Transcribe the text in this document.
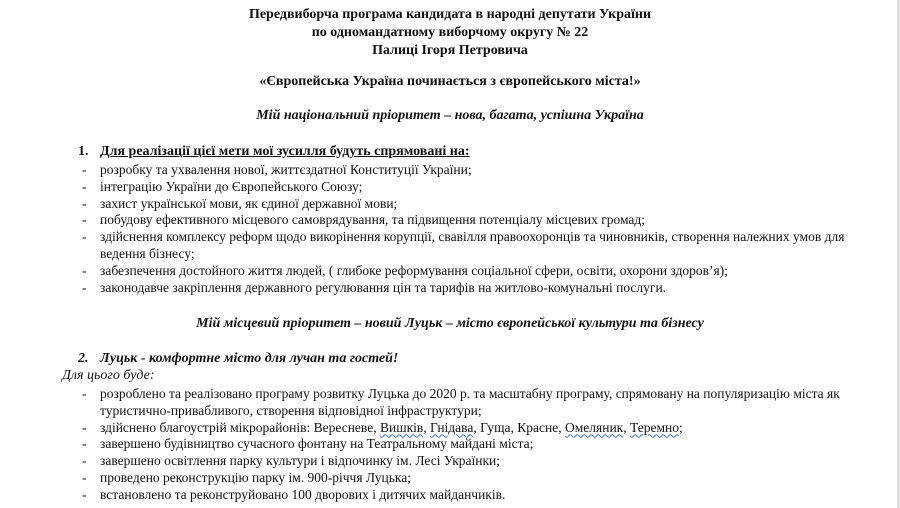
Передвиборча програма кандидата в народні депутати України
по одномандатному виборчому округу № 22
Палиці Ігоря Петровича
«Європейська Україна починається з європейського міста!»
Мій національний пріоритет – нова, багата, успішна Україна
1. Для реалізації цієї мети мої зусилля будуть спрямовані на:
- розробку та ухвалення нової, життєздатної Конституції України;
- інтеграцію України до Європейського Союзу;
- захист української мови, як єдиної державної мови;
- побудову ефективного місцевого самоврядування, та підвищення потенціалу місцевих громад;
- здійснення комплексу реформ щодо викорінення корупції, свавілля правоохоронців та чиновників, створення належних умов для ведення бізнесу;
- забезпечення достойного життя людей, ( глибоке реформування соціальної сфери, освіти, охорони здоров’я);
- законодавче закріплення державного регулювання цін та тарифів на житлово-комунальні послуги.
Мій місцевий пріоритет – новий Луцьк – місто європейської культури та бізнесу
2. Луцьк - комфортне місто для лучан та гостей!
Для цього буде:
- розроблено та реалізовано програму розвитку Луцька до 2020 р. та масштабну програму, спрямовану на популяризацію міста як туристично-привабливого, створення відповідної інфраструктури;
- здійснено благоустрій мікрорайонів: Вересневе, Вишків, Гнідава, Гуща, Красне, Омеляник, Теремно;
- завершено будівництво сучасного фонтану на Театральному майдані міста;
- завершено освітлення парку культури і відпочинку ім. Лесі Українки;
- проведено реконструкцію парку ім. 900-річчя Луцька;
- встановлено та реконструйовано 100 дворових і дитячих майданчиків.
